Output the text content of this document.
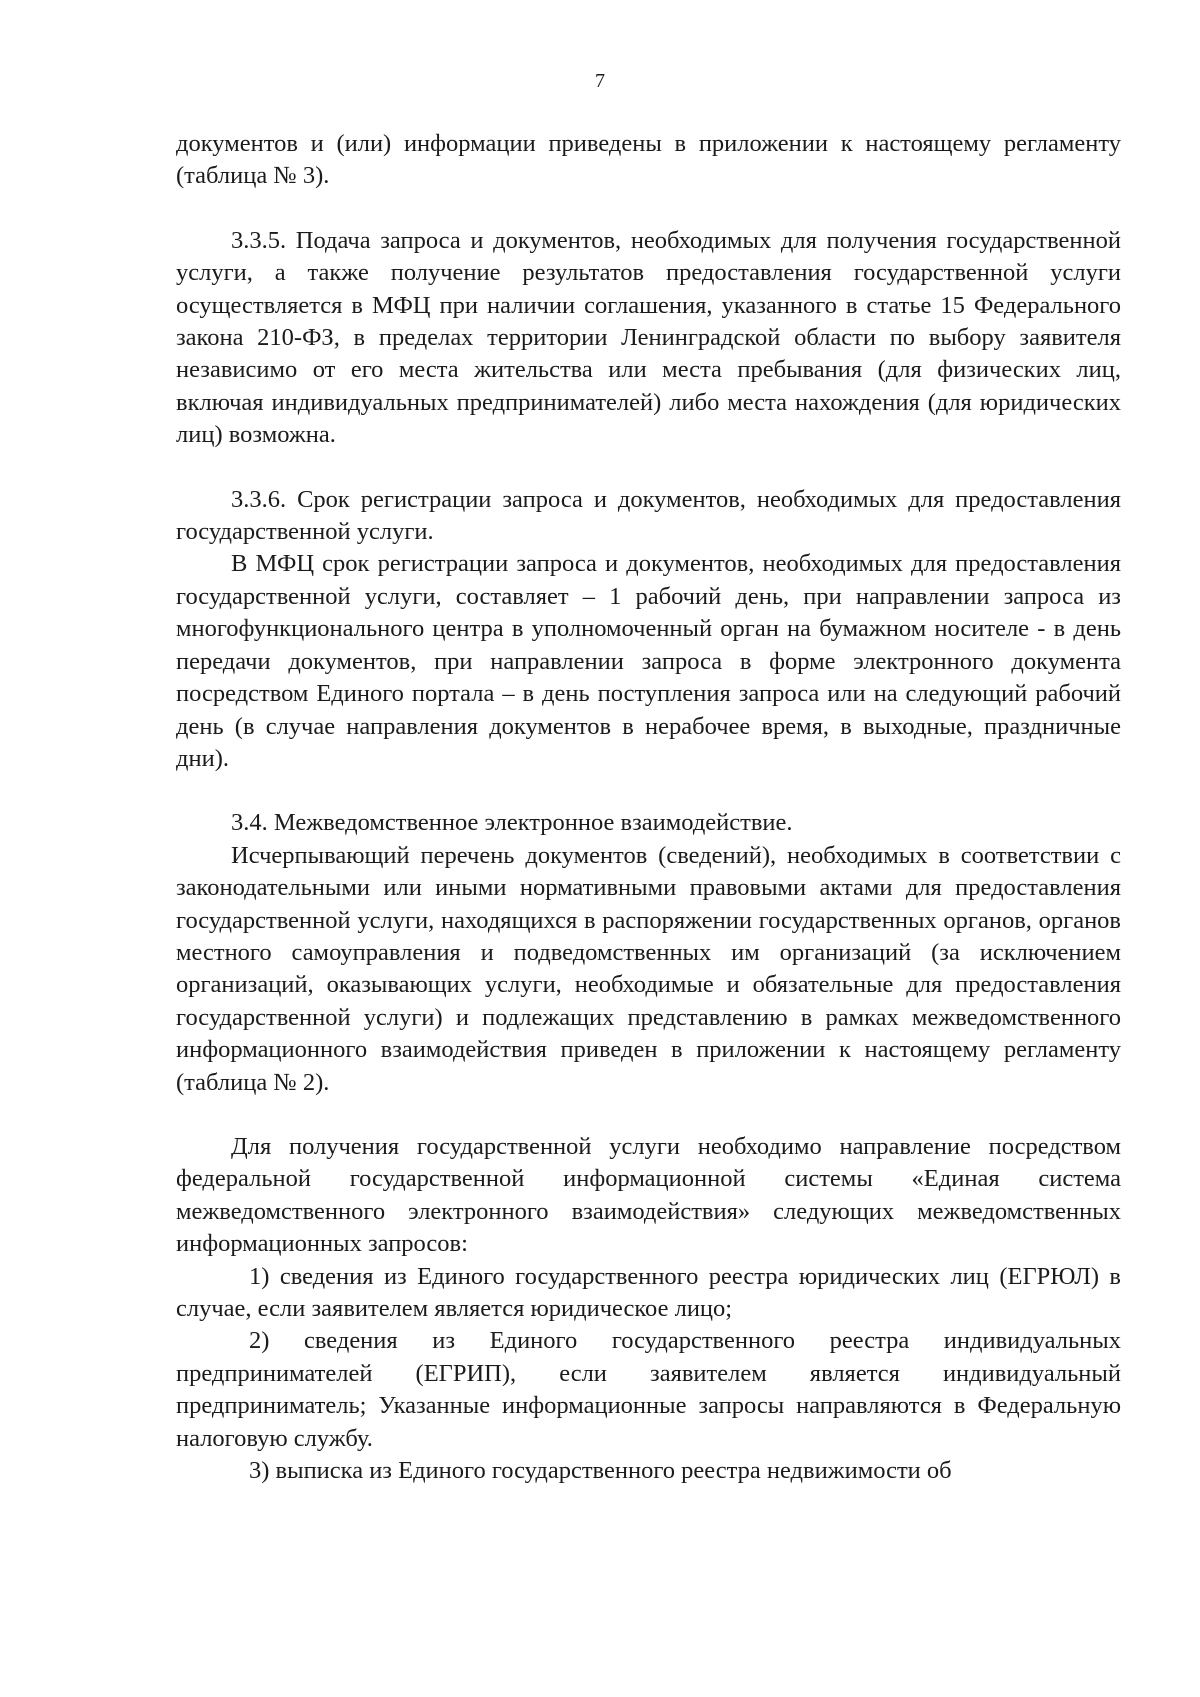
7

документов и (или) информации приведены в приложении к настоящему регламенту (таблица № 3).

3.3.5. Подача запроса и документов, необходимых для получения государственной услуги, а также получение результатов предоставления государственной услуги осуществляется в МФЦ при наличии соглашения, указанного в статье 15 Федерального закона 210-ФЗ, в пределах территории Ленинградской области по выбору заявителя независимо от его места жительства или места пребывания (для физических лиц, включая индивидуальных предпринимателей) либо места нахождения (для юридических лиц) возможна.

3.3.6. Срок регистрации запроса и документов, необходимых для предоставления государственной услуги.

В МФЦ срок регистрации запроса и документов, необходимых для предоставления государственной услуги, составляет – 1 рабочий день, при направлении запроса из многофункционального центра в уполномоченный орган на бумажном носителе - в день передачи документов, при направлении запроса в форме электронного документа посредством Единого портала – в день поступления запроса или на следующий рабочий день (в случае направления документов в нерабочее время, в выходные, праздничные дни).

3.4. Межведомственное электронное взаимодействие.

Исчерпывающий перечень документов (сведений), необходимых в соответствии с законодательными или иными нормативными правовыми актами для предоставления государственной услуги, находящихся в распоряжении государственных органов, органов местного самоуправления и подведомственных им организаций (за исключением организаций, оказывающих услуги, необходимые и обязательные для предоставления государственной услуги) и подлежащих представлению в рамках межведомственного информационного взаимодействия приведен в приложении к настоящему регламенту (таблица № 2).

Для получения государственной услуги необходимо направление посредством федеральной государственной информационной системы «Единая система межведомственного электронного взаимодействия» следующих межведомственных информационных запросов:

1) сведения из Единого государственного реестра юридических лиц (ЕГРЮЛ) в случае, если заявителем является юридическое лицо;

2) сведения из Единого государственного реестра индивидуальных предпринимателей (ЕГРИП), если заявителем является индивидуальный предприниматель; Указанные информационные запросы направляются в Федеральную налоговую службу.

3) выписка из Единого государственного реестра недвижимости об
